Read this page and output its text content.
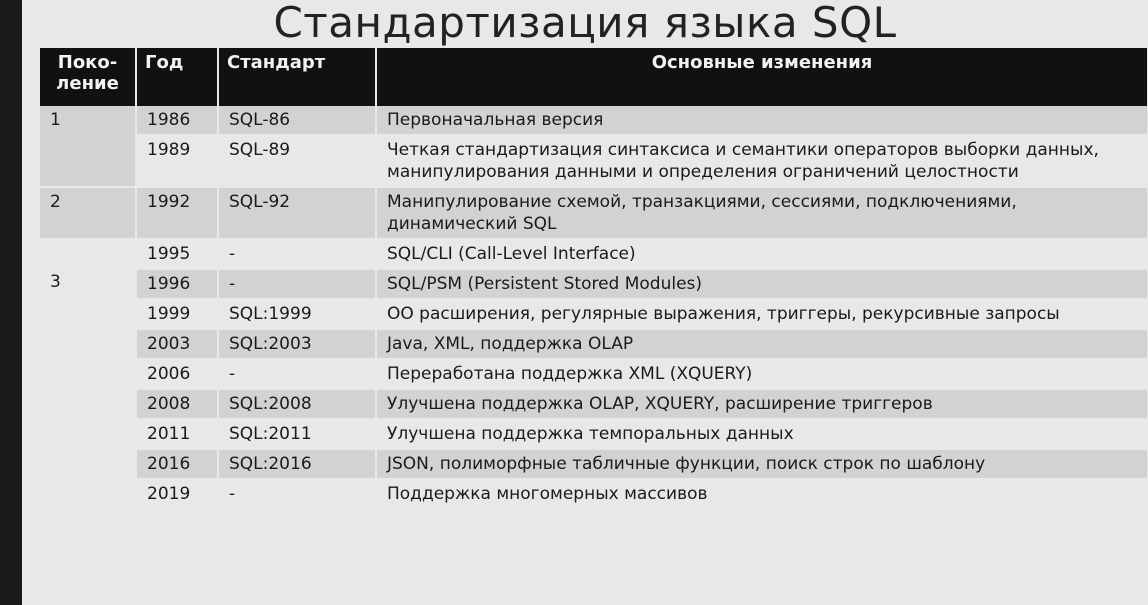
Стандартизация языка SQL
Поко-ление	Год	Стандарт	Основные изменения
1	1986	SQL-86	Первоначальная версия
	1989	SQL-89	Четкая стандартизация синтаксиса и семантики операторов выборки данных, манипулирования данными и определения ограничений целостности
2	1992	SQL-92	Манипулирование схемой, транзакциями, сессиями, подключениями, динамический SQL
3	1995	-	SQL/CLI (Call-Level Interface)
	1996	-	SQL/PSM (Persistent Stored Modules)
	1999	SQL:1999	ОО расширения, регулярные выражения, триггеры, рекурсивные запросы
	2003	SQL:2003	Java, XML, поддержка OLAP
	2006	-	Переработана поддержка XML (XQUERY)
	2008	SQL:2008	Улучшена поддержка OLAP, XQUERY, расширение триггеров
	2011	SQL:2011	Улучшена поддержка темпоральных данных
	2016	SQL:2016	JSON, полиморфные табличные функции, поиск строк по шаблону
	2019	-	Поддержка многомерных массивов
